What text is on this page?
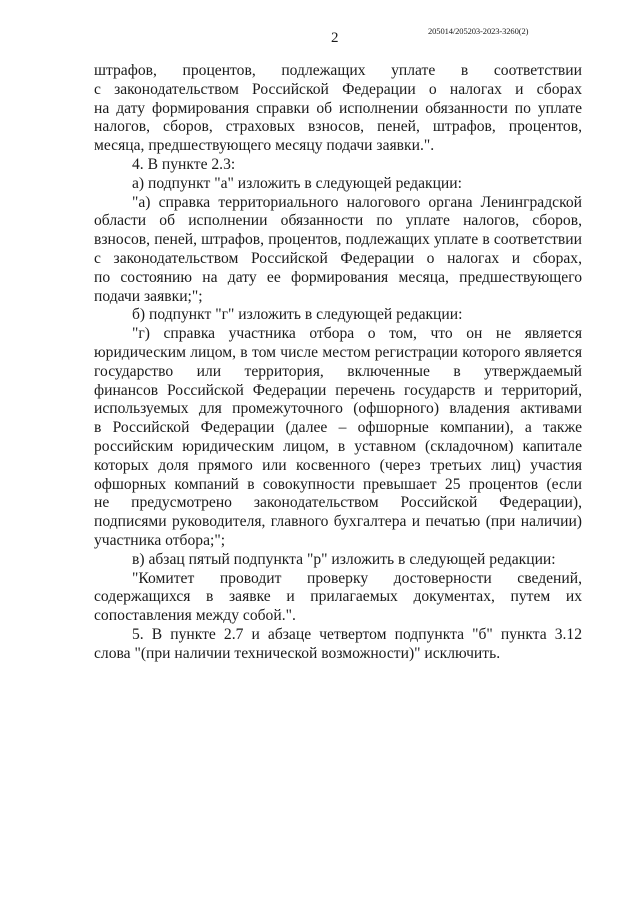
2	205014/205203-2023-3260(2)
штрафов, процентов, подлежащих уплате в соответствии
с законодательством Российской Федерации о налогах и сборах
на дату формирования справки об исполнении обязанности по уплате
налогов, сборов, страховых взносов, пеней, штрафов, процентов,
месяца, предшествующего месяцу подачи заявки.".
4. В пункте 2.3:
а) подпункт "а" изложить в следующей редакции:
"а) справка территориального налогового органа Ленинградской
области об исполнении обязанности по уплате налогов, сборов,
взносов, пеней, штрафов, процентов, подлежащих уплате в соответствии
с законодательством Российской Федерации о налогах и сборах,
по состоянию на дату ее формирования месяца, предшествующего
подачи заявки;";
б) подпункт "г" изложить в следующей редакции:
"г) справка участника отбора о том, что он не является
юридическим лицом, в том числе местом регистрации которого является
государство или территория, включенные в утверждаемый
финансов Российской Федерации перечень государств и территорий,
используемых для промежуточного (офшорного) владения активами
в Российской Федерации (далее – офшорные компании), а также
российским юридическим лицом, в уставном (складочном) капитале
которых доля прямого или косвенного (через третьих лиц) участия
офшорных компаний в совокупности превышает 25 процентов (если
не предусмотрено законодательством Российской Федерации),
подписями руководителя, главного бухгалтера и печатью (при наличии)
участника отбора;";
в) абзац пятый подпункта "р" изложить в следующей редакции:
"Комитет проводит проверку достоверности сведений,
содержащихся в заявке и прилагаемых документах, путем их
сопоставления между собой.".
5. В пункте 2.7 и абзаце четвертом подпункта "б" пункта 3.12
слова "(при наличии технической возможности)" исключить.
